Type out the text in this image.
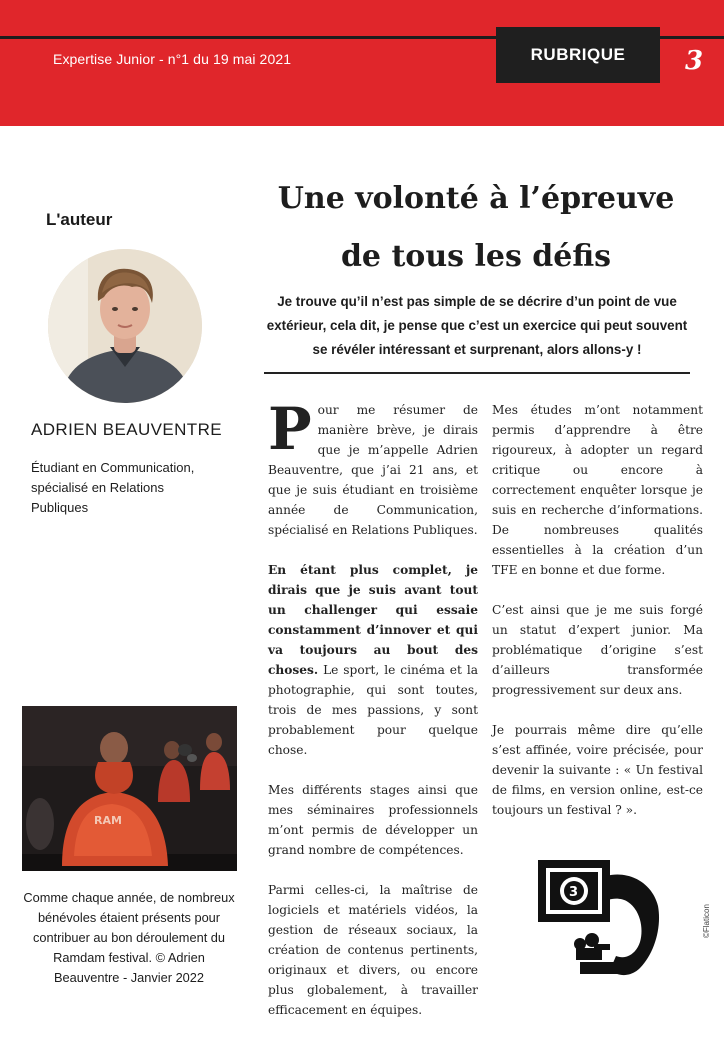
Expertise Junior - n°1 du 19 mai 2021	RUBRIQUE	3
Une volonté à l’épreuve
de tous les défis
Je trouve qu’il n’est pas simple de se décrire d’un point de vue extérieur, cela dit, je pense que c’est un exercice qui peut souvent se révéler intéressant et surprenant, alors allons-y !
L'auteur
ADRIEN BEAUVENTRE
Étudiant en Communication, spécialisé en Relations Publiques
RAM
Comme chaque année, de nombreux bénévoles étaient présents pour contribuer au bon déroulement du Ramdam festival. © Adrien Beauventre - Janvier 2022

Pour me résumer de manière brève, je dirais que je m’appelle Adrien Beauventre, que j’ai 21 ans, et que je suis étudiant en troisième année de Communication, spécialisé en Relations Publiques.

En étant plus complet, je dirais que je suis avant tout un challenger qui essaie constamment d’innover et qui va toujours au bout des choses. Le sport, le cinéma et la photographie, qui sont toutes, trois de mes passions, y sont probablement pour quelque chose.

Mes différents stages ainsi que mes séminaires professionnels m’ont permis de développer un grand nombre de compétences.

Parmi celles-ci, la maîtrise de logiciels et matériels vidéos, la gestion de réseaux sociaux, la création de contenus pertinents, originaux et divers, ou encore plus globalement, à travailler efficacement en équipes.

Mes études m’ont notamment permis d’apprendre à être rigoureux, à adopter un regard critique ou encore à correctement enquêter lorsque je suis en recherche d’informations. De nombreuses qualités essentielles à la création d’un TFE en bonne et due forme.

C’est ainsi que je me suis forgé un statut d’expert junior. Ma problématique d’origine s’est d’ailleurs transformée progressivement sur deux ans.

Je pourrais même dire qu’elle s’est affinée, voire précisée, pour devenir la suivante : « Un festival de films, en version online, est-ce toujours un festival ? ».

3
©Flaticon
